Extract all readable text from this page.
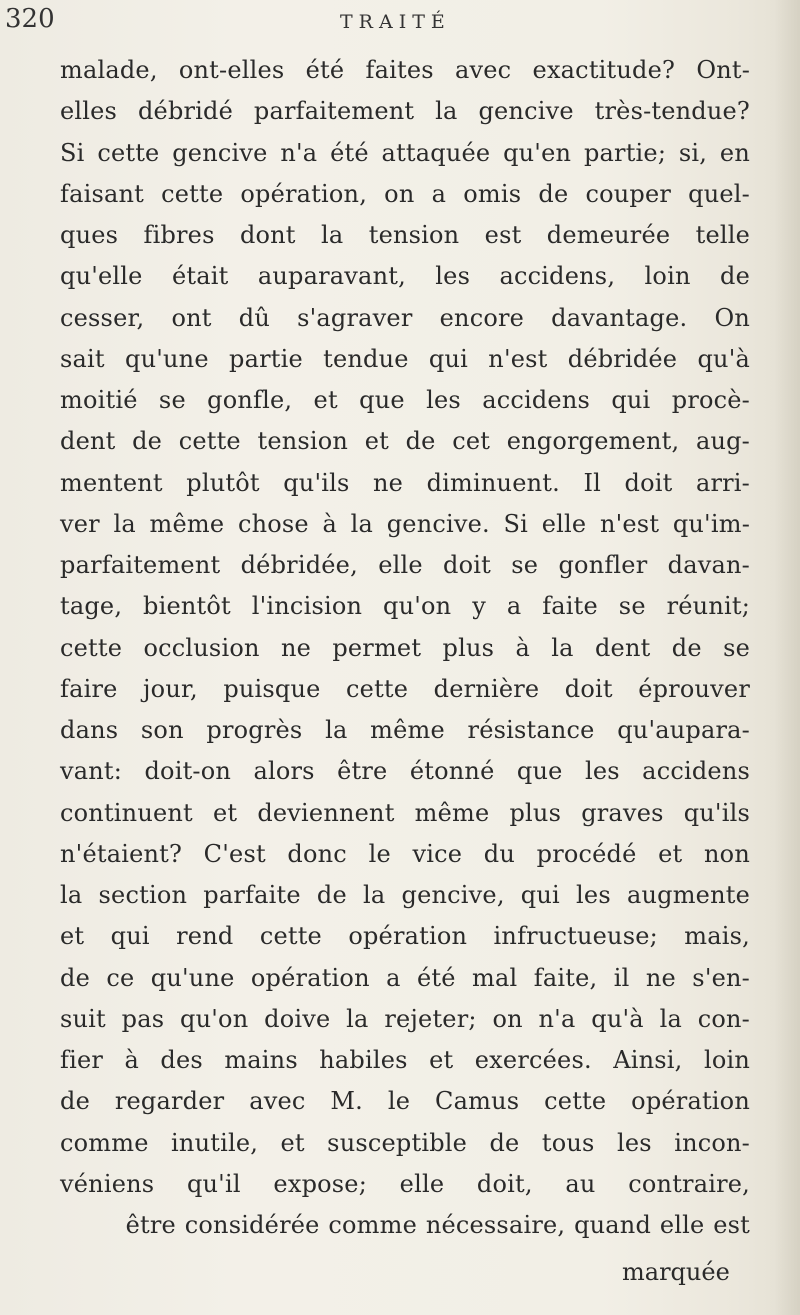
320	TRAITÉ
malade, ont-elles été faites avec exactitude? Ont-
elles débridé parfaitement la gencive très-tendue?
Si cette gencive n'a été attaquée qu'en partie; si, en
faisant cette opération, on a omis de couper quel-
ques fibres dont la tension est demeurée telle
qu'elle était auparavant, les accidens, loin de
cesser, ont dû s'agraver encore davantage. On
sait qu'une partie tendue qui n'est débridée qu'à
moitié se gonfle, et que les accidens qui procè-
dent de cette tension et de cet engorgement, aug-
mentent plutôt qu'ils ne diminuent. Il doit arri-
ver la même chose à la gencive. Si elle n'est qu'im-
parfaitement débridée, elle doit se gonfler davan-
tage, bientôt l'incision qu'on y a faite se réunit;
cette occlusion ne permet plus à la dent de se
faire jour, puisque cette dernière doit éprouver
dans son progrès la même résistance qu'aupara-
vant: doit-on alors être étonné que les accidens
continuent et deviennent même plus graves qu'ils
n'étaient? C'est donc le vice du procédé et non
la section parfaite de la gencive, qui les augmente
et qui rend cette opération infructueuse; mais,
de ce qu'une opération a été mal faite, il ne s'en-
suit pas qu'on doive la rejeter; on n'a qu'à la con-
fier à des mains habiles et exercées. Ainsi, loin
de regarder avec M. le Camus cette opération
comme inutile, et susceptible de tous les incon-
véniens qu'il expose; elle doit, au contraire,
être considérée comme nécessaire, quand elle est
marquée
